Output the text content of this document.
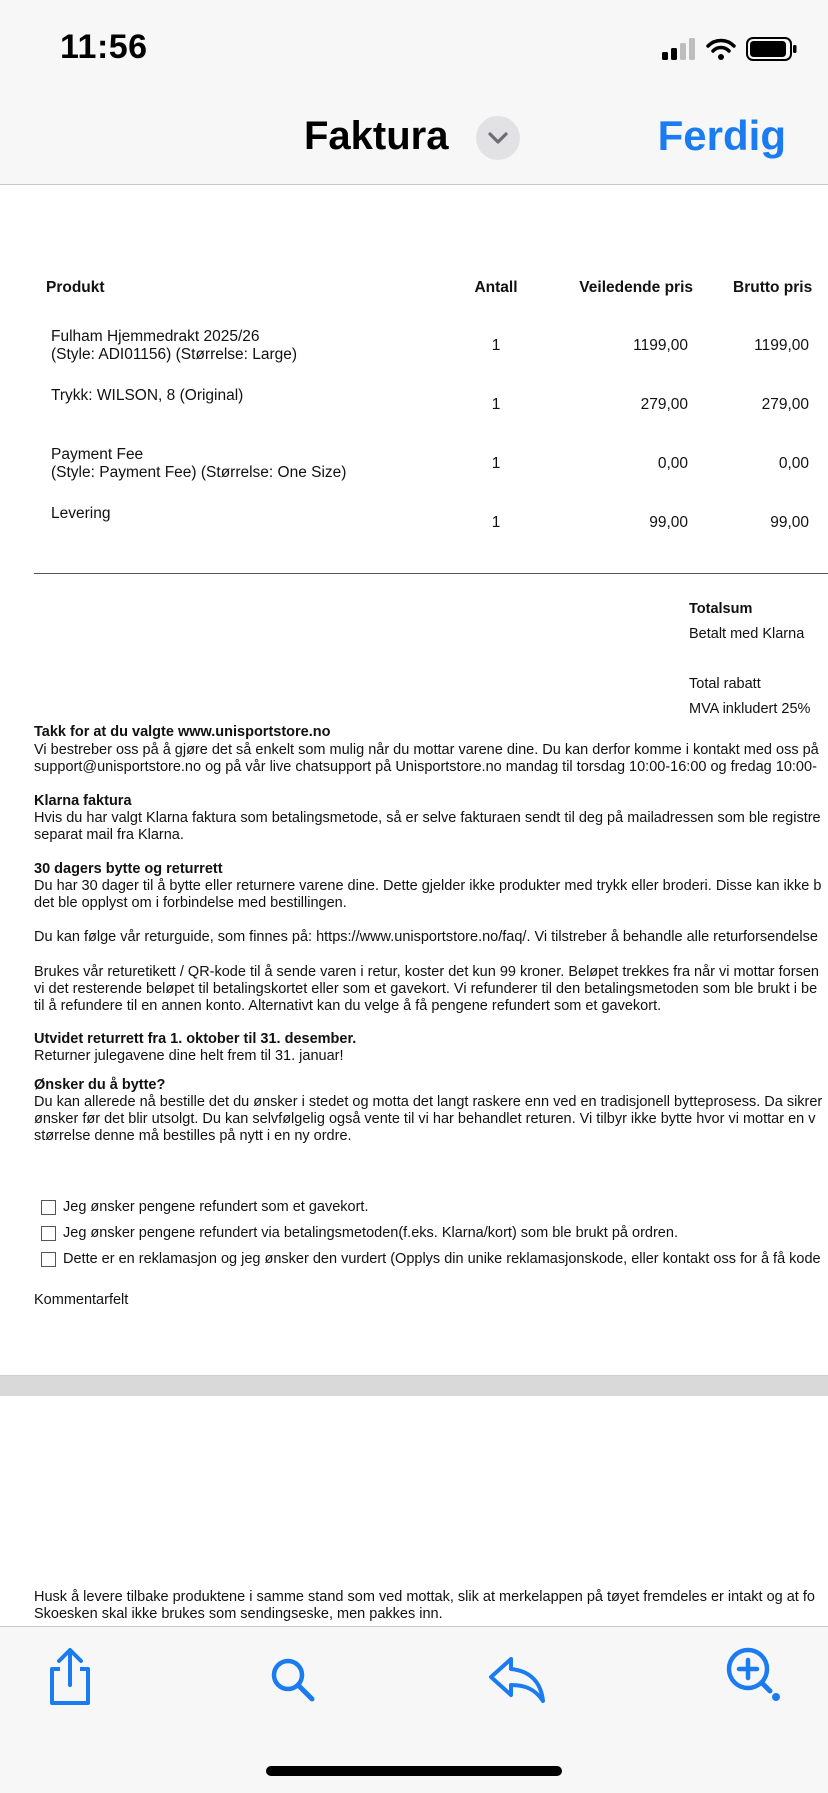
11:56
Faktura	Ferdig
Produkt	Antall	Veiledende pris	Brutto pris
Fulham Hjemmedrakt 2025/26
(Style: ADI01156) (Størrelse: Large)
1	1199,00	1199,00
Trykk: WILSON, 8 (Original)
1	279,00	279,00
Payment Fee
(Style: Payment Fee) (Størrelse: One Size)
1	0,00	0,00
Levering
1	99,00	99,00
Totalsum
Betalt med Klarna
Total rabatt
MVA inkludert 25%
Takk for at du valgte www.unisportstore.no
Vi bestreber oss på å gjøre det så enkelt som mulig når du mottar varene dine. Du kan derfor komme i kontakt med oss på
support@unisportstore.no og på vår live chatsupport på Unisportstore.no mandag til torsdag 10:00-16:00 og fredag 10:00-
Klarna faktura
Hvis du har valgt Klarna faktura som betalingsmetode, så er selve fakturaen sendt til deg på mailadressen som ble registre
separat mail fra Klarna.
30 dagers bytte og returrett
Du har 30 dager til å bytte eller returnere varene dine. Dette gjelder ikke produkter med trykk eller broderi. Disse kan ikke b
det ble opplyst om i forbindelse med bestillingen.
Du kan følge vår returguide, som finnes på: https://www.unisportstore.no/faq/. Vi tilstreber å behandle alle returforsendelse
Brukes vår returetikett / QR-kode til å sende varen i retur, koster det kun 99 kroner. Beløpet trekkes fra når vi mottar forsen
vi det resterende beløpet til betalingskortet eller som et gavekort. Vi refunderer til den betalingsmetoden som ble brukt i be
til å refundere til en annen konto. Alternativt kan du velge å få pengene refundert som et gavekort.
Utvidet returrett fra 1. oktober til 31. desember.
Returner julegavene dine helt frem til 31. januar!
Ønsker du å bytte?
Du kan allerede nå bestille det du ønsker i stedet og motta det langt raskere enn ved en tradisjonell bytteprosess. Da sikrer
ønsker før det blir utsolgt. Du kan selvfølgelig også vente til vi har behandlet returen. Vi tilbyr ikke bytte hvor vi mottar en v
størrelse denne må bestilles på nytt i en ny ordre.
Jeg ønsker pengene refundert som et gavekort.
Jeg ønsker pengene refundert via betalingsmetoden(f.eks. Klarna/kort) som ble brukt på ordren.
Dette er en reklamasjon og jeg ønsker den vurdert (Opplys din unike reklamasjonskode, eller kontakt oss for å få kode
Kommentarfelt
Husk å levere tilbake produktene i samme stand som ved mottak, slik at merkelappen på tøyet fremdeles er intakt og at fo
Skoesken skal ikke brukes som sendingseske, men pakkes inn.
